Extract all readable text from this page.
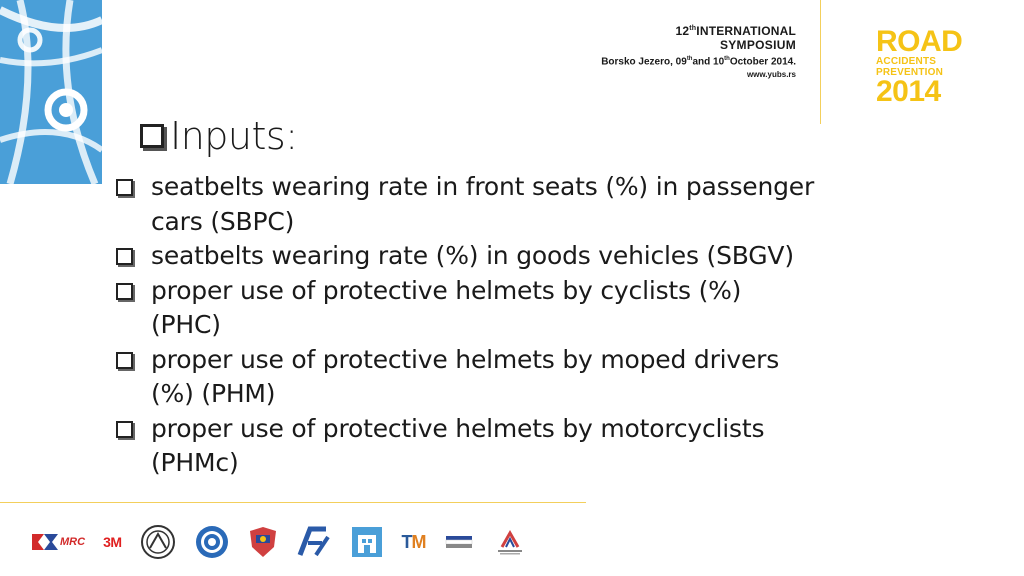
12thINTERNATIONAL
SYMPOSIUM
Borsko Jezero, 09thand 10thOctober 2014.
www.yubs.rs
ROAD
ACCIDENTS
PREVENTION
2014
Inputs:
seatbelts wearing rate in front seats (%) in passenger cars (SBPC)
seatbelts wearing rate (%) in goods vehicles (SBGV)
proper use of protective helmets by cyclists (%) (PHC)
proper use of protective helmets by moped drivers (%) (PHM)
proper use of protective helmets by motorcyclists (PHMc)
MRC 3M	TM
